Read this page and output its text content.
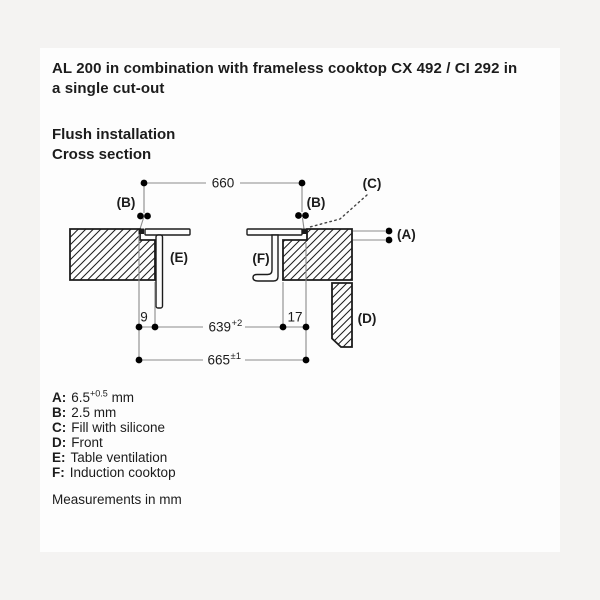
AL 200 in combination with frameless cooktop CX 492 / CI 292 in
a single cut-out
Flush installation
Cross section
660
(B)	(B)
(C)
(E)	(F)
(D)
(A)
9	17
639 +2
665 ±1
A: $6.5^{+0.5}$ mm
B: 2.5 mm
C: Fill with silicone
D: Front
E: Table ventilation
F: Induction cooktop
Measurements in mm
